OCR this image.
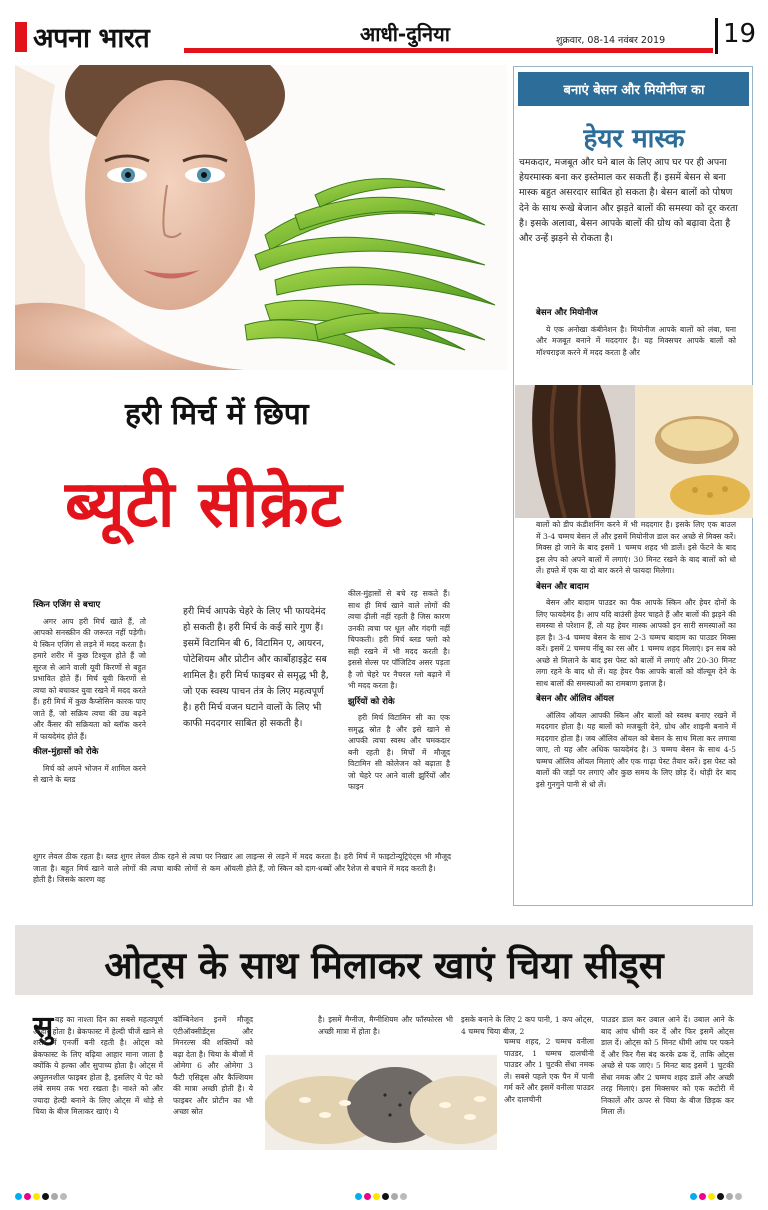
अपना भारत	आधी-दुनिया	शुक्रवार, 08-14 नवंबर 2019 19
हरी मिर्च में छिपा
ब्यूटी सीक्रेट
स्किन एजिंग से बचाए

अगर आप हरी मिर्च खाते हैं, तो आपको सनस्क्रीन की जरूरत नहीं पड़ेगी। ये स्किन एजिंग से लड़ने में मदद करता है। हमारे शरीर में कुछ टिश्यूज होते हैं जो सूरज से आने वाली यूवी किरणों से बहुत प्रभावित होते हैं। मिर्च यूवी किरणों से त्वचा को बचाकर युवा रखने में मदद करते हैं। हरी मिर्च में कुछ कैप्सेसिन कारक पाए जाते हैं, जो सक्रिय त्वचा की उम्र बढ़ने और कैंसर की सक्रियता को ब्लॉक करने में फायदेमंद होते हैं।

कील-मुंहासों को रोके

मिर्च को अपने भोजन में शामिल करने से खाने के ब्लड

हरी मिर्च आपके चेहरे के लिए भी फायदेमंद हो सकती है। हरी मिर्च के कई सारे गुण हैं। इसमें विटामिन बी 6, विटामिन ए, आयरन, पोटेशियम और प्रोटीन और कार्बोहाइड्रेट सब शामिल है। हरी मिर्च फाइबर से समृद्ध भी है, जो एक स्वस्थ पाचन तंत्र के लिए महत्वपूर्ण है। हरी मिर्च वजन घटाने वालों के लिए भी काफी मददगार साबित हो सकती है।

कील-मुंहासों से बचे रह सकते हैं। साथ ही मिर्च खाने वाले लोगों की त्वचा ढ़ीली नहीं रहती है जिस कारण उनकी त्वचा पर धूल और गंदगी नहीं चिपकती। हरी मिर्च ब्लड फ्लो को सही रखने में भी मदद करती है। इससे सेल्स पर पॉजिटिव असर पड़ता है जो चेहरे पर नैचरल ग्लो बढ़ाने में भी मदद करता है।

झुर्रियों को रोके

हरी मिर्च विटामिन सी का एक समृद्ध स्रोत है और इसे खाने से आपकी त्वचा स्वस्थ और चमकदार बनी रहती है। मिर्चों में मौजूद विटामिन सी कोलेजन को बढ़ाता है जो चेहरे पर आने वाली झुर्रियों और फाइन

शुगर लेवल ठीक रहता है। ब्लड शुगर लेवल ठीक रहने से त्वचा पर निखार आ जाता है। बहुत मिर्च खाने वाले लोगों की त्वचा बाकी लोगों से कम ऑयली होती है। जिसके कारण वह
लाइन्स से लड़ने में मदद करता है। हरी मिर्च में फाइटोन्यूट्रिएंट्स भी मौजूद होते हैं, जो स्किन को दाग-धब्बों और रैशेज से बचाने में मदद करती है।
बनाएं बेसन और मियोनीज का
हेयर मास्क
चमकदार, मजबूत और घने बाल के लिए आप घर पर ही अपना हेयरमास्क बना कर इस्तेमाल कर सकती हैं। इसमें बेसन से बना मास्क बहुत असरदार साबित हो सकता है। बेसन बालों को पोषण देने के साथ रूखे बेजान और झड़ते बालों की समस्या को दूर करता है। इसके अलावा, बेसन आपके बालों की ग्रोथ को बढ़ावा देता है और उन्हें झड़ने से रोकता है।
बेसन और मियोनीज

ये एक अनोखा कंबीनेशन है। मियोनीज आपके बालों को लंबा, घना और मजबूत बनाने में मददगार है। यह मिक्सचर आपके बालों को मॉश्चराइज करने में मदद करता है और

बालों को डीप कंडीशनिंग करने में भी मददगार है। इसके लिए एक बाउल में 3-4 चम्मच बेसन लें और इसमें मियोनीज डाल कर अच्छे से मिक्स करें। मिक्स हो जाने के बाद इसमें 1 चम्मच शहद भी डालें। इसे फेंटने के बाद इस लेप को अपने बालों में लगाएं। 30 मिनट रखने के बाद बालों को धो लें। हफ्ते में एक या दो बार करने से फायदा मिलेगा।

बेसन और बादाम

बेसन और बादाम पाउडर का पैक आपके स्किन और हेयर दोनों के लिए फायदेमंद है। आप यदि बाउंसी हेयर चाहते हैं और बालों की झड़ने की समस्या से परेशान हैं, तो यह हेयर मास्क आपको इन सारी समस्याओं का हल है। 3-4 चम्मच बेसन के साथ 2-3 चम्मच बादाम का पाउडर मिक्स करें। इसमें 2 चम्मच नींबू का रस और 1 चम्मच शहद मिलाएं। इन सब को अच्छे से मिलाने के बाद इस पेस्ट को बालों में लगाएं और 20-30 मिनट लगा रहने के बाद धो लें। यह हेयर पैक आपके बालों को वॉल्यूम देने के साथ बालों की समस्याओं का रामबाण इलाज है।

बेसन और ऑलिव ऑयल

ऑलिव ऑयल आपकी स्किन और बालों को स्वस्थ बनाए रखने में मददगार होता है। यह बालों को मजबूती देने, ग्रोथ और शाइनी बनाने में मददगार होता है। जब ऑलिव ऑयल को बेसन के साथ मिला कर लगाया जाए, तो यह और अधिक फायदेमंद है। 3 चम्मच बेसन के साथ 4-5 चम्मच ऑलिव ऑयल मिलाएं और एक गाढ़ा पेस्ट तैयार करें। इस पेस्ट को बालों की जड़ों पर लगाएं और कुछ समय के लिए छोड़ दें। थोड़ी देर बाद इसे गुनगुने पानी से धो लें।

ओट्स के साथ मिलाकर खाएं चिया सीड्स
सु बह का नाश्ता दिन का सबसे महत्वपूर्ण आहार होता है। ब्रेकफास्ट में हेल्दी चीजें खाने से शरीर में एनर्जी बनी रहती है। ओट्स को ब्रेकफास्ट के लिए बढ़िया आहार माना जाता है क्योंकि ये हल्का और सुपाच्य होता है। ओट्स में अघुलनशील फाइबर होता है, इसलिए ये पेट को लंबे समय तक भरा रखता है। नाश्ते को और ज्यादा हेल्दी बनाने के लिए ओट्स में थोड़े से चिया के बीज मिलाकर खाएं। ये
कॉम्बिनेशन इनमें मौजूद एंटीऑक्सीडेंट्स और मिनरल्स की शक्तियों को बढ़ा देता है। चिया के बीजों में ओमेगा 6 और ओमेगा 3 फैटी एसिड्स और कैल्शियम की मात्रा अच्छी होती है। ये फाइबर और प्रोटीन का भी अच्छा स्रोत
है। इसमें मैग्नीज, मैग्नीशियम और फॉस्फोरस भी अच्छी मात्रा में होता है।
इसके बनाने के लिए 2 कप पानी, 1 कप ओट्स, 4 चम्मच चिया बीज, 2
चम्मच शहद, 2 चम्मच वनीला पाउडर, 1 चम्मच दालचीनी पाउडर और 1 चुटकी सेंधा नमक लें। सबसे पहले एक पैन में पानी गर्म करें और इसमें वनीला पाउडर और दालचीनी
पाउडर डाल कर उबाल आने दें। उबाल आने के बाद आंच धीमी कर दें और फिर इसमें ओट्स डाल दें। ओट्स को 5 मिनट धीमी आंच पर पकने दें और फिर गैस बंद करके ढक दें, ताकि ओट्स अच्छे से पक जाएं। 5 मिनट बाद इसमें 1 चुटकी सेंधा नमक और 2 चम्मच शहद डालें और अच्छी तरह मिलाएं। इस मिक्सचर को एक कटोरी में निकालें और ऊपर से चिया के बीज छिड़क कर मिला लें।
